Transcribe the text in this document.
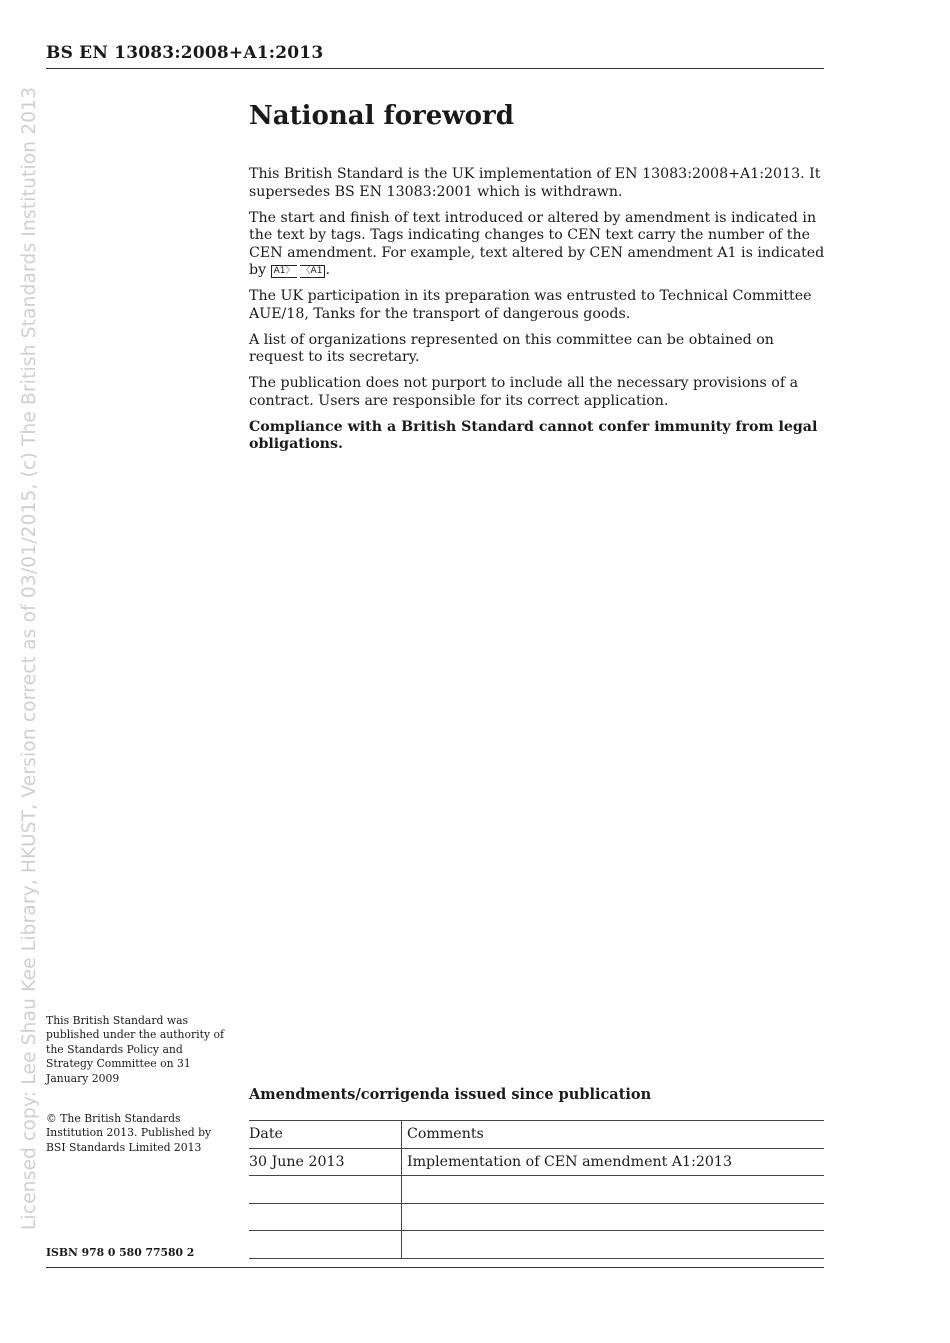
BS EN 13083:2008+A1:2013
Licensed copy: Lee Shau Kee Library, HKUST, Version correct as of 03/01/2015, (c) The British Standards Institution 2013	National foreword

This British Standard is the UK implementation of EN 13083:2008+A1:2013. It supersedes BS EN 13083:2001 which is withdrawn.

The start and finish of text introduced or altered by amendment is indicated in the text by tags. Tags indicating changes to CEN text carry the number of the CEN amendment. For example, text altered by CEN amendment A1 is indicated by A1 〉	〈 A1 .

The UK participation in its preparation was entrusted to Technical Committee AUE/18, Tanks for the transport of dangerous goods.

A list of organizations represented on this committee can be obtained on request to its secretary.

The publication does not purport to include all the necessary provisions of a contract. Users are responsible for its correct application.

Compliance with a British Standard cannot confer immunity from legal obligations.

This British Standard was published under the authority of the Standards Policy and Strategy Committee on 31 January 2009

© The British Standards Institution 2013. Published by BSI Standards Limited 2013

Amendments/corrigenda issued since publication
Date	Comments
30 June 2013	Implementation of CEN amendment A1:2013

ISBN 978 0 580 77580 2
